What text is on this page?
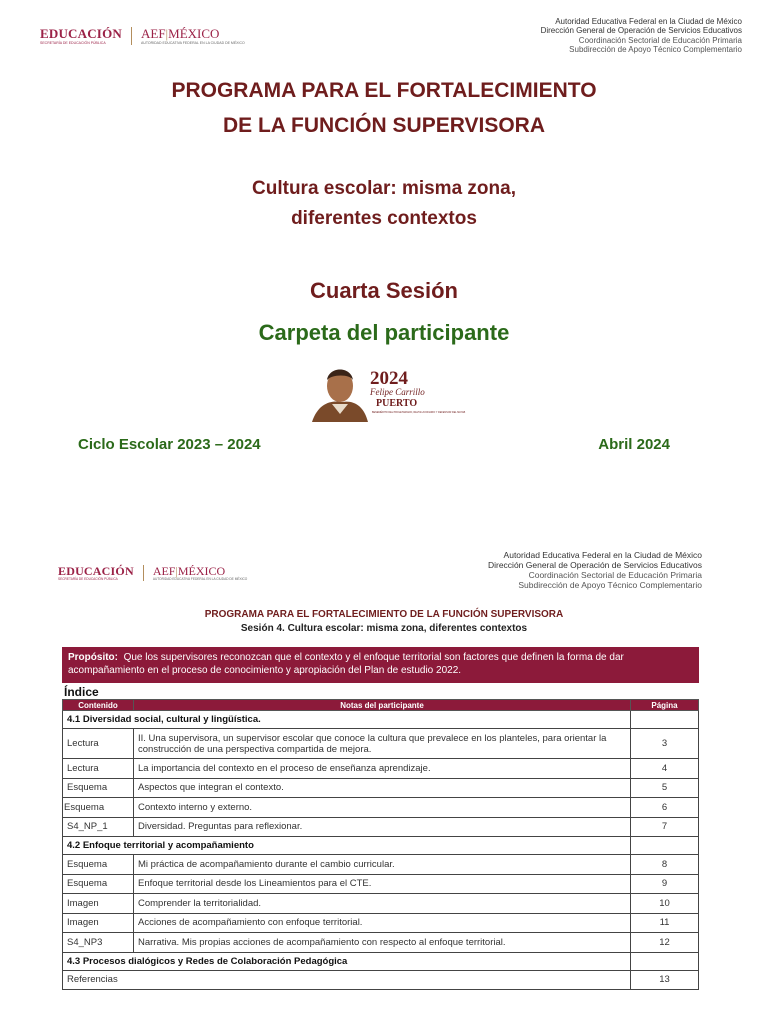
EDUCACIÓN
SECRETARÍA DE EDUCACIÓN PÚBLICA
AEF|MÉXICO
AUTORIDAD EDUCATIVA FEDERAL EN LA CIUDAD DE MÉXICO
Autoridad Educativa Federal en la Ciudad de México
Dirección General de Operación de Servicios Educativos
Coordinación Sectorial de Educación Primaria
Subdirección de Apoyo Técnico Complementario
PROGRAMA PARA EL FORTALECIMIENTO
DE LA FUNCIÓN SUPERVISORA
Cultura escolar: misma zona,
diferentes contextos
Cuarta Sesión
Carpeta del participante
2024
Felipe Carrillo
PUERTO
BENEMÉRITO DEL PROLETARIADO, REVOLUCIONARIO Y DEFENSOR DEL MAYAB
Ciclo Escolar 2023 – 2024	Abril 2024
EDUCACIÓN
SECRETARÍA DE EDUCACIÓN PÚBLICA
AEF|MÉXICO
AUTORIDAD EDUCATIVA FEDERAL EN LA CIUDAD DE MÉXICO
Autoridad Educativa Federal en la Ciudad de México
Dirección General de Operación de Servicios Educativos
Coordinación Sectorial de Educación Primaria
Subdirección de Apoyo Técnico Complementario
PROGRAMA PARA EL FORTALECIMIENTO DE LA FUNCIÓN SUPERVISORA
Sesión 4. Cultura escolar: misma zona, diferentes contextos
Propósito: Que los supervisores reconozcan que el contexto y el enfoque territorial son factores que definen la forma de dar acompañamiento en el proceso de conocimiento y apropiación del Plan de estudio 2022.
Índice
Contenido	Notas del participante	Página
4.1 Diversidad social, cultural y lingüística.		
Lectura	II. Una supervisora, un supervisor escolar que conoce la cultura que prevalece en los planteles, para orientar la construcción de una perspectiva compartida de mejora.	3
Lectura	La importancia del contexto en el proceso de enseñanza aprendizaje.	4
Esquema	Aspectos que integran el contexto.	5
Esquema	Contexto interno y externo.	6
S4_NP_1	Diversidad. Preguntas para reflexionar.	7
4.2 Enfoque territorial y acompañamiento		
Esquema	Mi práctica de acompañamiento durante el cambio curricular.	8
Esquema	Enfoque territorial desde los Lineamientos para el CTE.	9
Imagen	Comprender la territorialidad.	10
Imagen	Acciones de acompañamiento con enfoque territorial.	11
S4_NP3	Narrativa. Mis propias acciones de acompañamiento con respecto al enfoque territorial.	12
4.3 Procesos dialógicos y Redes de Colaboración Pedagógica		
Referencias		13
